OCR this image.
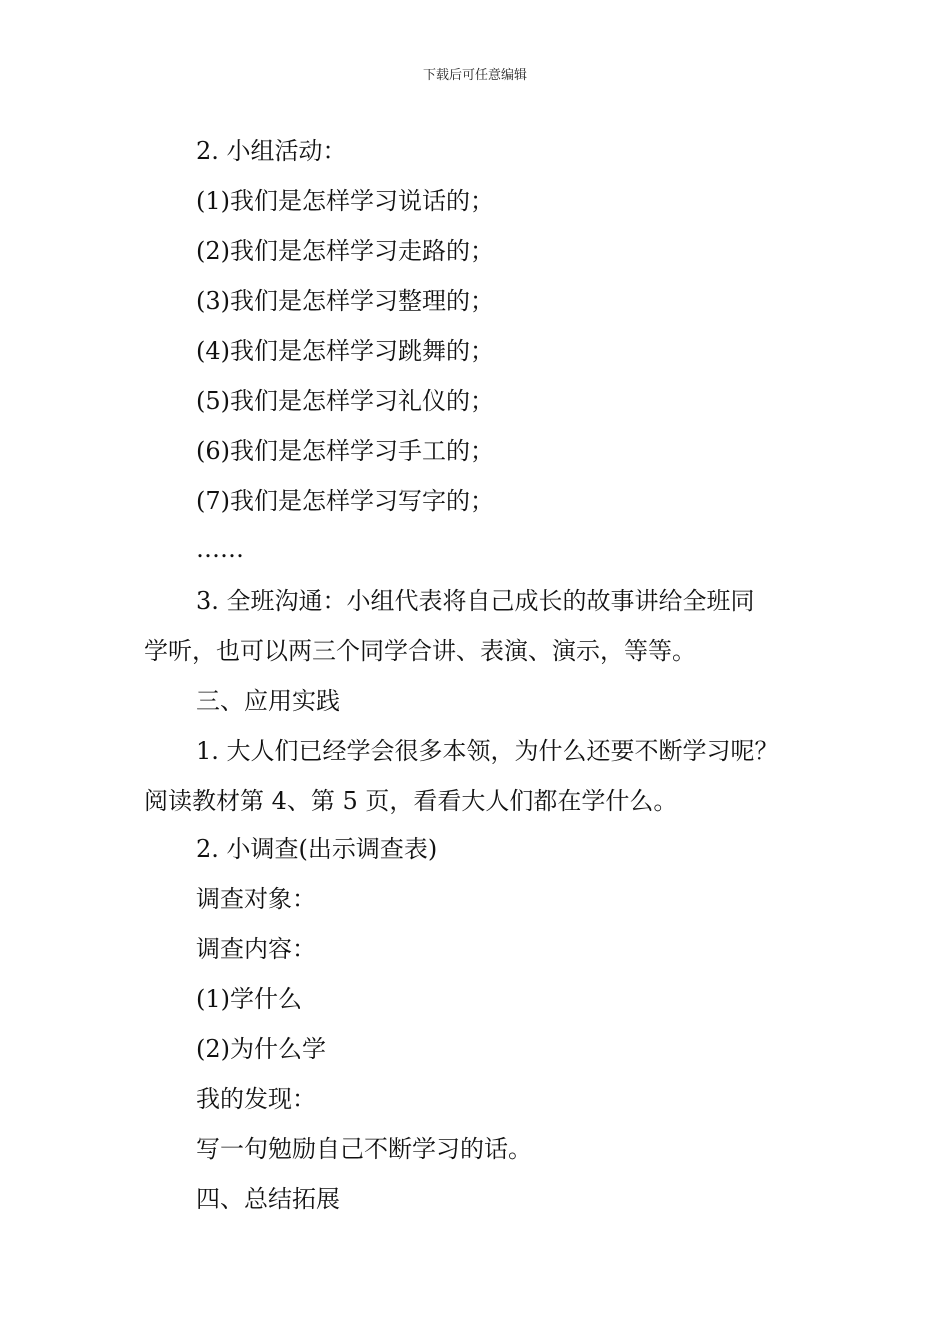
下载后可任意编辑
2. 小组活动：
(1)我们是怎样学习说话的；
(2)我们是怎样学习走路的；
(3)我们是怎样学习整理的；
(4)我们是怎样学习跳舞的；
(5)我们是怎样学习礼仪的；
(6)我们是怎样学习手工的；
(7)我们是怎样学习写字的；
……
3. 全班沟通：小组代表将自己成长的故事讲给全班同
学听，也可以两三个同学合讲、表演、演示，等等。
三、应用实践
1. 大人们已经学会很多本领，为什么还要不断学习呢？
阅读教材第 4、第 5 页，看看大人们都在学什么。
2. 小调查(出示调查表)
调查对象：
调查内容：
(1)学什么
(2)为什么学
我的发现：
写一句勉励自己不断学习的话。
四、总结拓展
